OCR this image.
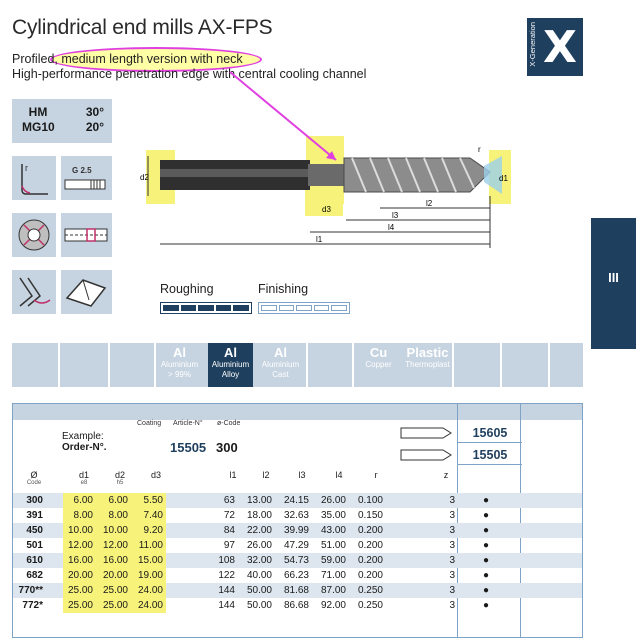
Cylindrical end mills AX-FPS
Profiled, medium length version with neck
High-performance penetration edge with central cooling channel
X-Generation X
III
HM
MG10
30°
20°
r	G 2.5
d2	d1
d3
r
l2
l3
l4
l1
Roughing	Finishing
Al
Aluminium
> 99%
Al
Aluminium
Alloy
Al
Aluminium
Cast
Cu
Copper
Plastic
Thermoplast
Coating Article-N° ø-Code
Example:
Order-N°.	15505 300
15605
15505
Ø
Code
d1
e8
d2
h5
d3	l1	l2	l3	l4	r	z
300	6.00 6.00 5.50	63 13.00 24.15 26.00 0.100	3	●
391	8.00 8.00 7.40	72 18.00 32.63 35.00 0.150	3	●
450 10.00 10.00 9.20	84 22.00 39.99 43.00 0.200	3	●
501 12.00 12.00 11.00	97 26.00 47.29 51.00 0.200	3	●
610 16.00 16.00 15.00	108 32.00 54.73 59.00 0.200	3	●
682 20.00 20.00 19.00	122 40.00 66.23 71.00 0.200	3	●
770** 25.00 25.00 24.00	144 50.00 81.68 87.00 0.250	3	●
772* 25.00 25.00 24.00	144 50.00 86.68 92.00 0.250	3	●
